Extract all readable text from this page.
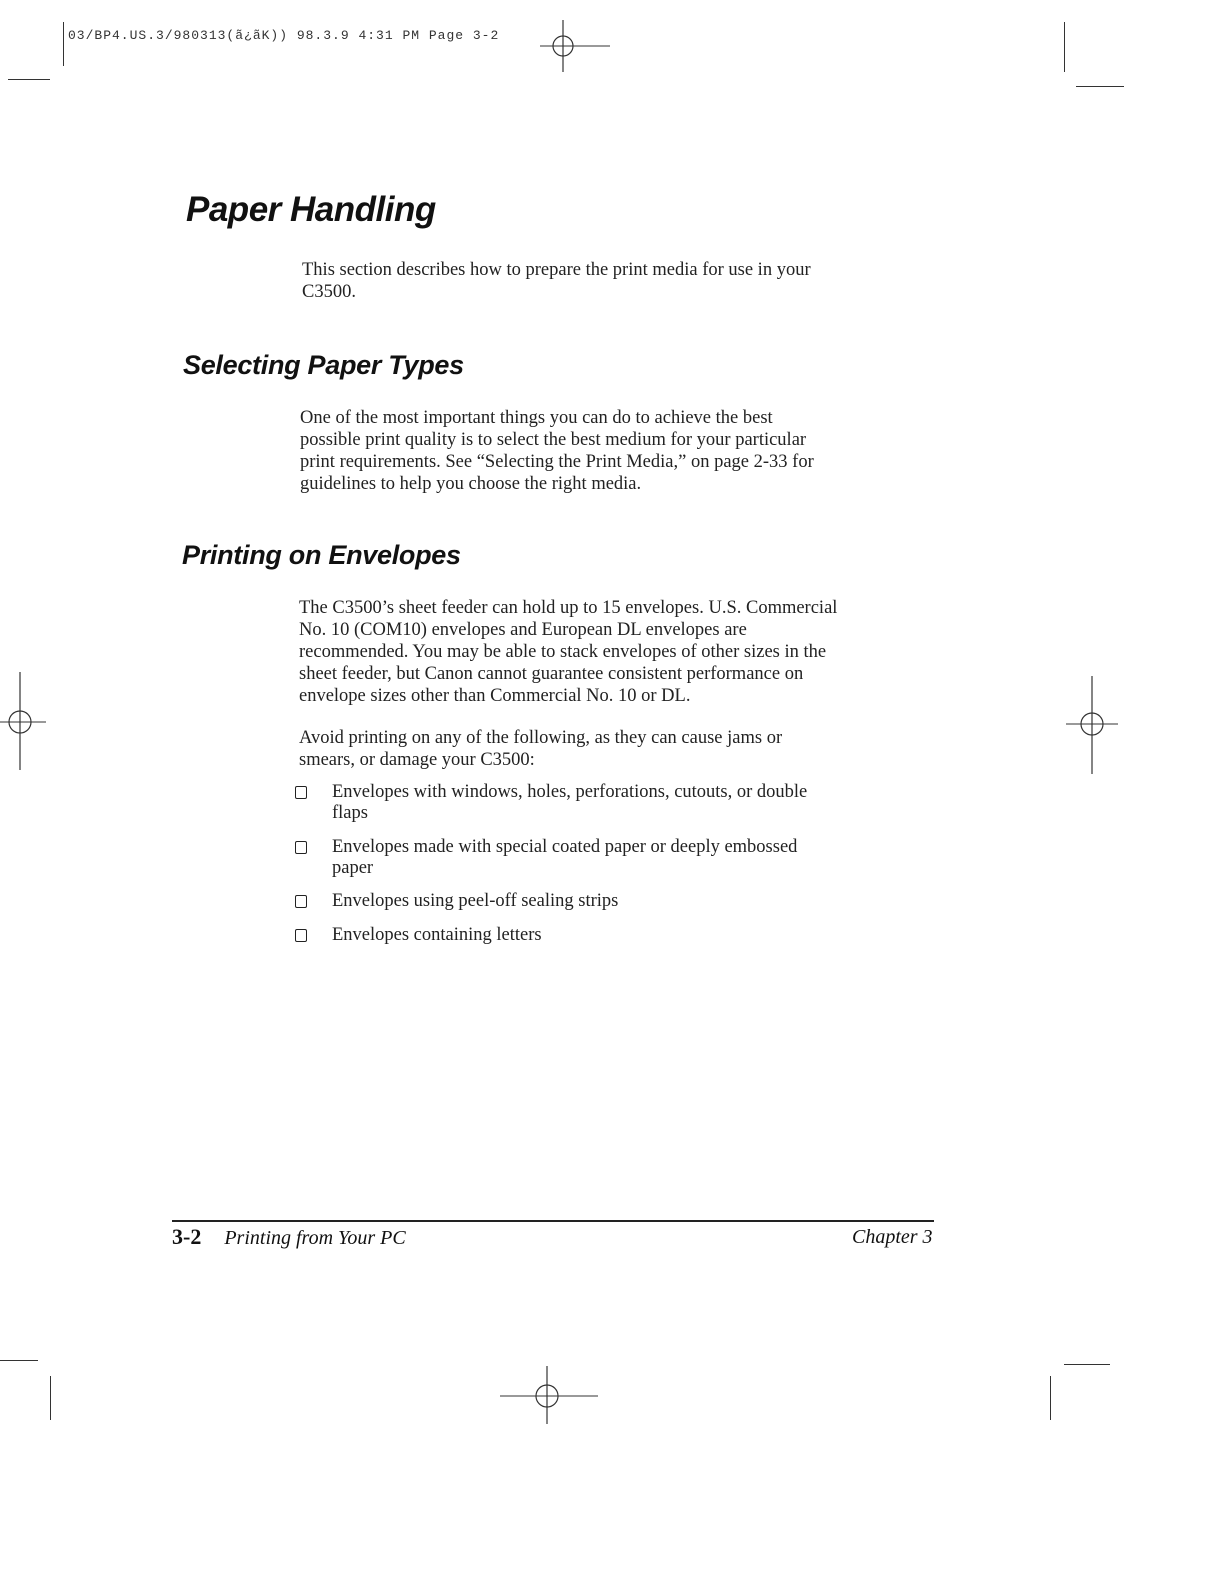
03/BP4.US.3/980313(ã¿ãK)) 98.3.9 4:31 PM Page 3-2
Paper Handling
This section describes how to prepare the print media for use in your
C3500.
Selecting Paper Types
One of the most important things you can do to achieve the best
possible print quality is to select the best medium for your particular
print requirements. See “Selecting the Print Media,” on page 2-33 for
guidelines to help you choose the right media.
Printing on Envelopes
The C3500’s sheet feeder can hold up to 15 envelopes. U.S. Commercial
No. 10 (COM10) envelopes and European DL envelopes are
recommended. You may be able to stack envelopes of other sizes in the
sheet feeder, but Canon cannot guarantee consistent performance on
envelope sizes other than Commercial No. 10 or DL.
Avoid printing on any of the following, as they can cause jams or
smears, or damage your C3500:
Envelopes with windows, holes, perforations, cutouts, or double
flaps
Envelopes made with special coated paper or deeply embossed
paper
Envelopes using peel-off sealing strips
Envelopes containing letters
3-2 Printing from Your PC	Chapter 3
